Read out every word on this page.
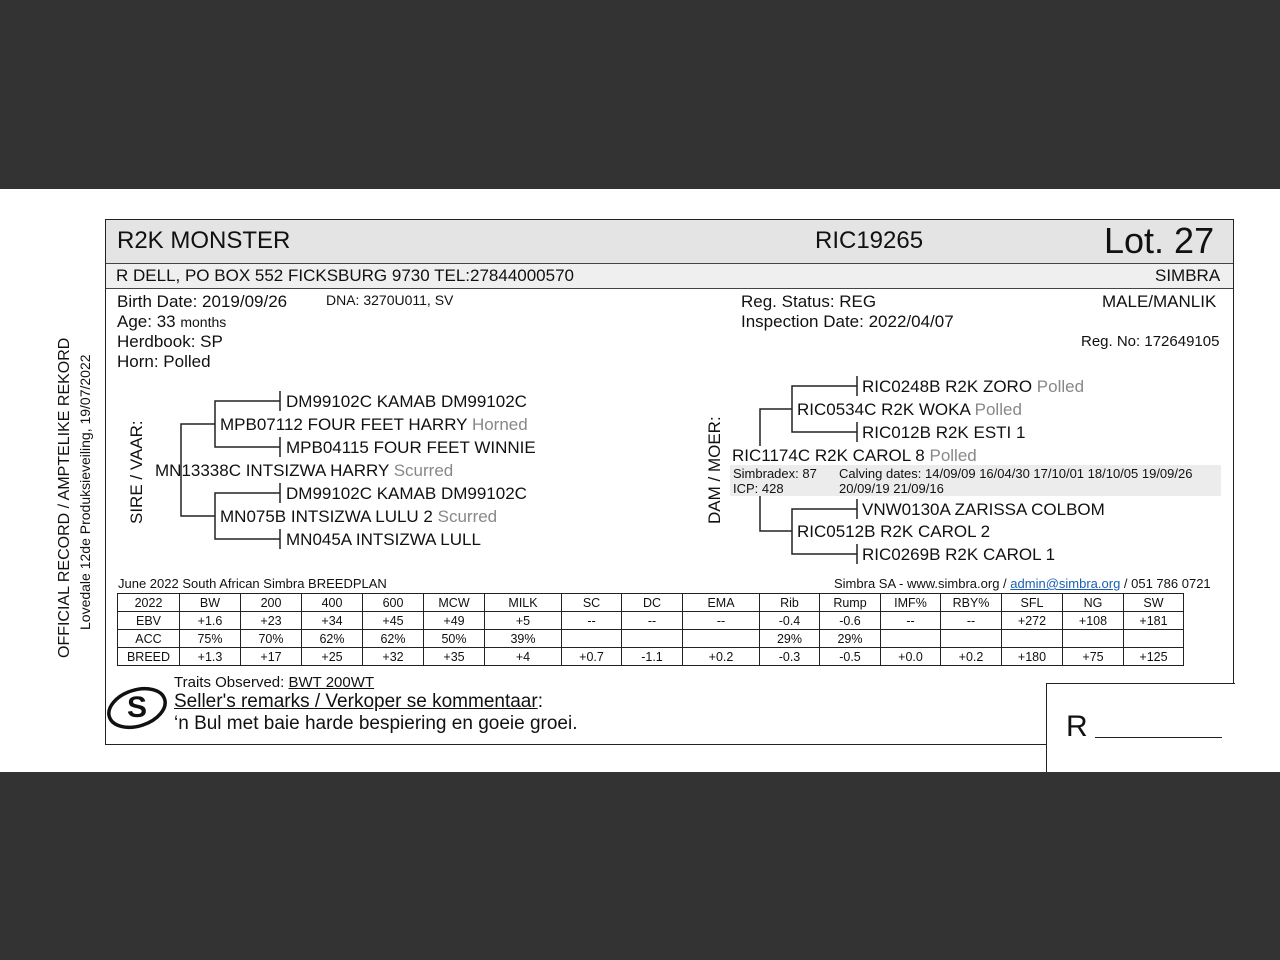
OFFICIAL RECORD / AMPTELIKE REKORD Lovedale 12de Produksieveiling, 19/07/2022
R2K MONSTER	RIC19265	Lot. 27
R DELL, PO BOX 552 FICKSBURG 9730 TEL:27844000570	SIMBRA
Birth Date: 2019/09/26	DNA: 3270U011, SV
Age: 33 months
Herdbook: SP
Horn: Polled
Reg. Status: REG
Inspection Date: 2022/04/07
MALE/MANLIK
Reg. No: 172649105
SIRE / VAAR:
DM99102C KAMAB DM99102C
MPB07112 FOUR FEET HARRY Horned
MPB04115 FOUR FEET WINNIE
MN13338C INTSIZWA HARRY Scurred
DM99102C KAMAB DM99102C
MN075B INTSIZWA LULU 2 Scurred
MN045A INTSIZWA LULL
DAM / MOER:
RIC0248B R2K ZORO Polled
RIC0534C R2K WOKA Polled
RIC012B R2K ESTI 1
RIC1174C R2K CAROL 8 Polled
Simbradex: 87
ICP: 428
Calving dates: 14/09/09 16/04/30 17/10/01 18/10/05 19/09/26
20/09/19 21/09/16
VNW0130A ZARISSA COLBOM
RIC0512B R2K CAROL 2
RIC0269B R2K CAROL 1
June 2022 South African Simbra BREEDPLAN	Simbra SA - www.simbra.org / admin@simbra.org / 051 786 0721
2022	BW	200	400	600	MCW	MILK	SC	DC	EMA	Rib	Rump	IMF%	RBY%	SFL	NG	SW
EBV	+1.6	+23	+34	+45	+49	+5	--	--	--	-0.4	-0.6	--	--	+272	+108	+181
ACC	75%	70%	62%	62%	50%	39%				29%	29%					
BREED	+1.3	+17	+25	+32	+35	+4	+0.7	-1.1	+0.2	-0.3	-0.5	+0.0	+0.2	+180	+75	+125
S
Traits Observed: BWT 200WT
Seller's remarks / Verkoper se kommentaar:
‘n Bul met baie harde bespiering en goeie groei.	R
